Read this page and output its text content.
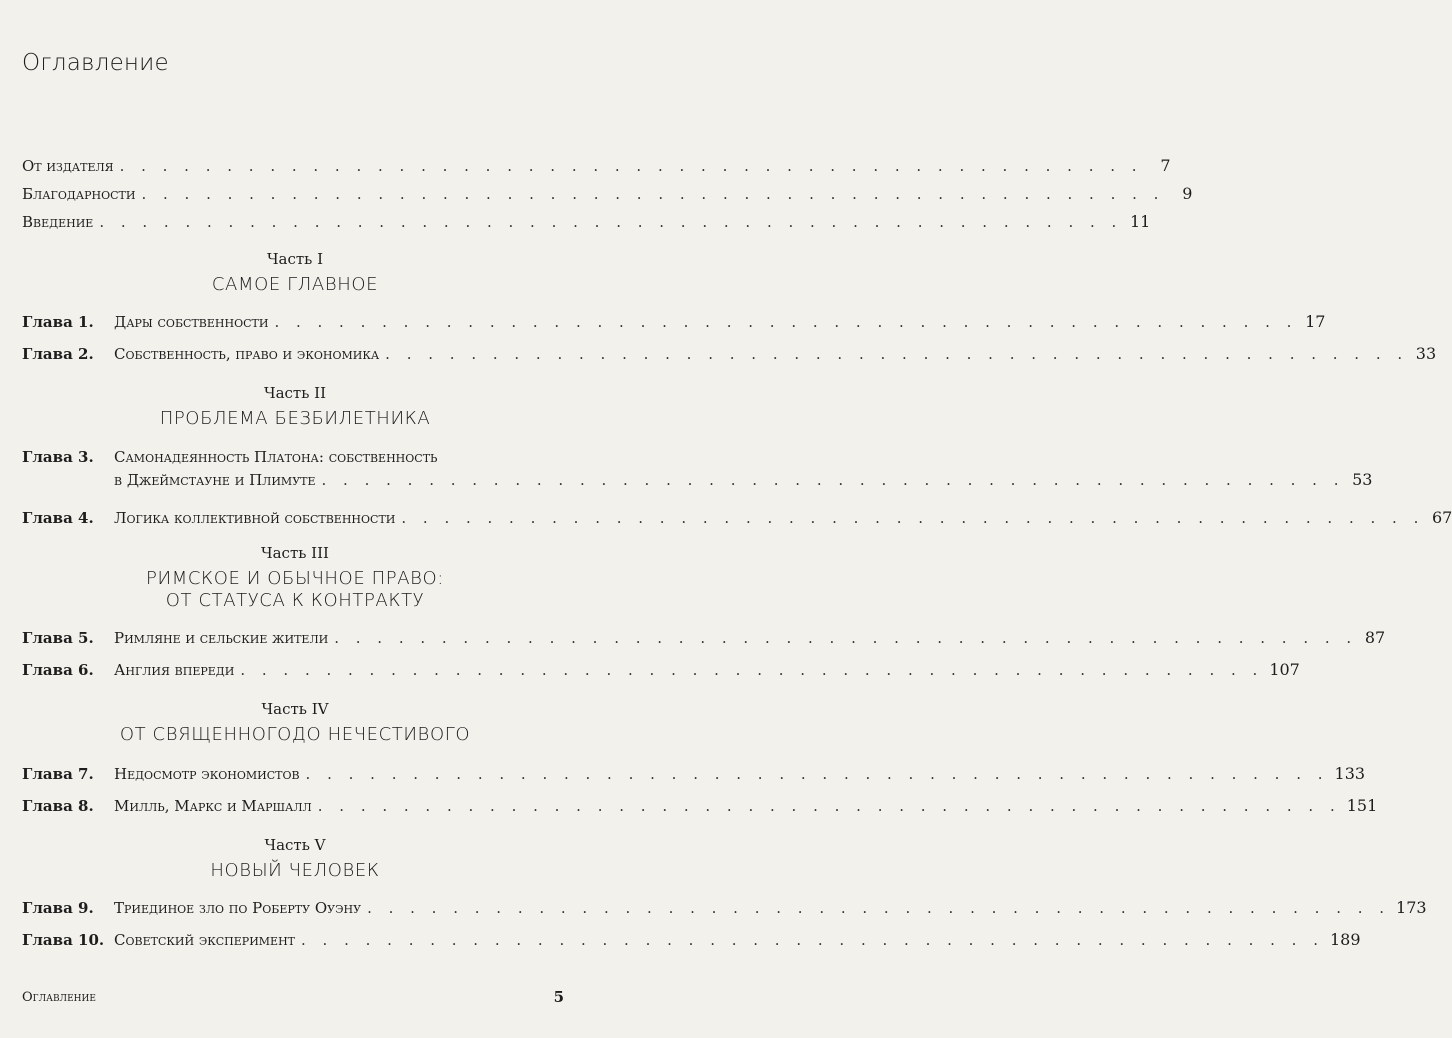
Оглавление
От издателя . . .	7
Благодарности . . .	9
Введение . . .	11
Часть I
САМОЕ ГЛАВНОЕ
Глава 1.	Дары собственности . . .	17
Глава 2.	Собственность, право и экономика . . .	33
Часть II
ПРОБЛЕМА БЕЗБИЛЕТНИКА
Глава 3.	Самонадеянность Платона: собственность
в Джеймстауне и Плимуте . . .	53
Глава 4.	Логика коллективной собственности . . .	67
Часть III
РИМСКОЕ И ОБЫЧНОЕ ПРАВО:
ОТ СТАТУСА К КОНТРАКТУ
Глава 5.	Римляне и сельские жители . . .	87
Глава 6.	Англия впереди . . .	107
Часть IV
ОТ СВЯЩЕННОГОДО НЕЧЕСТИВОГО
Глава 7.	Недосмотр экономистов . . .	133
Глава 8.	Милль, Маркс и Маршалл . . .	151
Часть V
НОВЫЙ ЧЕЛОВЕК
Глава 9.	Триединое зло по Роберту Оуэну . . .	173
Глава 10. Советский эксперимент . . .	189
Оглавление	5
